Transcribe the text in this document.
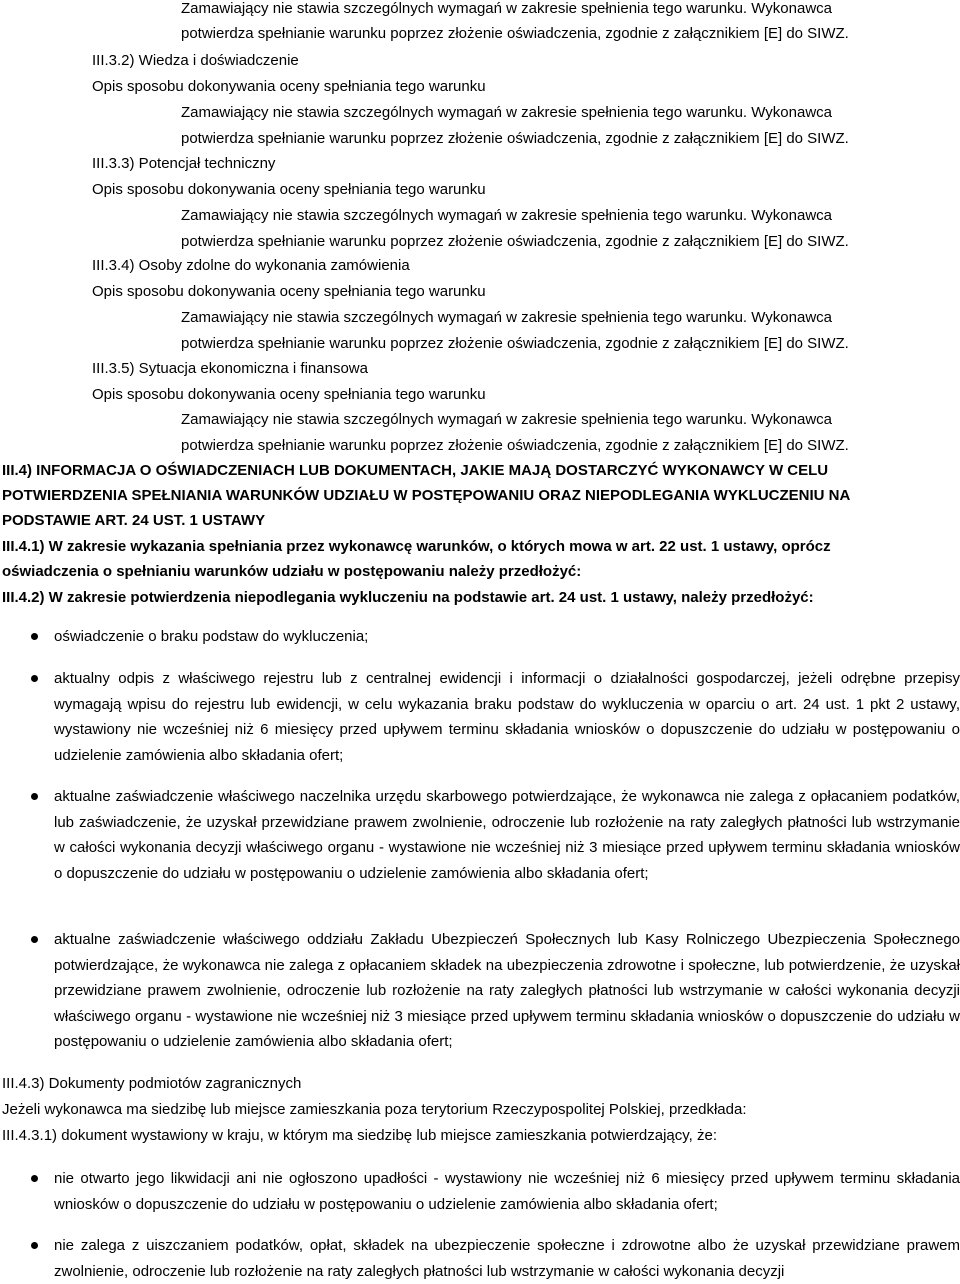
Zamawiający nie stawia szczególnych wymagań w zakresie spełnienia tego warunku. Wykonawca
potwierdza spełnianie warunku poprzez złożenie oświadczenia, zgodnie z załącznikiem [E] do SIWZ.
III.3.2) Wiedza i doświadczenie
Opis sposobu dokonywania oceny spełniania tego warunku
Zamawiający nie stawia szczególnych wymagań w zakresie spełnienia tego warunku. Wykonawca
potwierdza spełnianie warunku poprzez złożenie oświadczenia, zgodnie z załącznikiem [E] do SIWZ.
III.3.3) Potencjał techniczny
Opis sposobu dokonywania oceny spełniania tego warunku
Zamawiający nie stawia szczególnych wymagań w zakresie spełnienia tego warunku. Wykonawca
potwierdza spełnianie warunku poprzez złożenie oświadczenia, zgodnie z załącznikiem [E] do SIWZ.
III.3.4) Osoby zdolne do wykonania zamówienia
Opis sposobu dokonywania oceny spełniania tego warunku
Zamawiający nie stawia szczególnych wymagań w zakresie spełnienia tego warunku. Wykonawca
potwierdza spełnianie warunku poprzez złożenie oświadczenia, zgodnie z załącznikiem [E] do SIWZ.
III.3.5) Sytuacja ekonomiczna i finansowa
Opis sposobu dokonywania oceny spełniania tego warunku
Zamawiający nie stawia szczególnych wymagań w zakresie spełnienia tego warunku. Wykonawca
potwierdza spełnianie warunku poprzez złożenie oświadczenia, zgodnie z załącznikiem [E] do SIWZ.
III.4) INFORMACJA O OŚWIADCZENIACH LUB DOKUMENTACH, JAKIE MAJĄ DOSTARCZYĆ WYKONAWCY W CELU
POTWIERDZENIA SPEŁNIANIA WARUNKÓW UDZIAŁU W POSTĘPOWANIU ORAZ NIEPODLEGANIA WYKLUCZENIU NA
PODSTAWIE ART. 24 UST. 1 USTAWY
III.4.1) W zakresie wykazania spełniania przez wykonawcę warunków, o których mowa w art. 22 ust. 1 ustawy, oprócz
oświadczenia o spełnianiu warunków udziału w postępowaniu należy przedłożyć:
III.4.2) W zakresie potwierdzenia niepodlegania wykluczeniu na podstawie art. 24 ust. 1 ustawy, należy przedłożyć:
oświadczenie o braku podstaw do wykluczenia;
aktualny odpis z właściwego rejestru lub z centralnej ewidencji i informacji o działalności gospodarczej, jeżeli odrębne przepisy wymagają wpisu do rejestru lub ewidencji, w celu wykazania braku podstaw do wykluczenia w oparciu o art. 24 ust. 1 pkt 2 ustawy, wystawiony nie wcześniej niż 6 miesięcy przed upływem terminu składania wniosków o dopuszczenie do udziału w postępowaniu o udzielenie zamówienia albo składania ofert;
aktualne zaświadczenie właściwego naczelnika urzędu skarbowego potwierdzające, że wykonawca nie zalega z opłacaniem podatków, lub zaświadczenie, że uzyskał przewidziane prawem zwolnienie, odroczenie lub rozłożenie na raty zaległych płatności lub wstrzymanie w całości wykonania decyzji właściwego organu - wystawione nie wcześniej niż 3 miesiące przed upływem terminu składania wniosków o dopuszczenie do udziału w postępowaniu o udzielenie zamówienia albo składania ofert;
aktualne zaświadczenie właściwego oddziału Zakładu Ubezpieczeń Społecznych lub Kasy Rolniczego Ubezpieczenia Społecznego potwierdzające, że wykonawca nie zalega z opłacaniem składek na ubezpieczenia zdrowotne i społeczne, lub potwierdzenie, że uzyskał przewidziane prawem zwolnienie, odroczenie lub rozłożenie na raty zaległych płatności lub wstrzymanie w całości wykonania decyzji właściwego organu - wystawione nie wcześniej niż 3 miesiące przed upływem terminu składania wniosków o dopuszczenie do udziału w postępowaniu o udzielenie zamówienia albo składania ofert;
III.4.3) Dokumenty podmiotów zagranicznych
Jeżeli wykonawca ma siedzibę lub miejsce zamieszkania poza terytorium Rzeczypospolitej Polskiej, przedkłada:
III.4.3.1) dokument wystawiony w kraju, w którym ma siedzibę lub miejsce zamieszkania potwierdzający, że:
nie otwarto jego likwidacji ani nie ogłoszono upadłości - wystawiony nie wcześniej niż 6 miesięcy przed upływem terminu składania wniosków o dopuszczenie do udziału w postępowaniu o udzielenie zamówienia albo składania ofert;
nie zalega z uiszczaniem podatków, opłat, składek na ubezpieczenie społeczne i zdrowotne albo że uzyskał przewidziane prawem zwolnienie, odroczenie lub rozłożenie na raty zaległych płatności lub wstrzymanie w całości wykonania decyzji
